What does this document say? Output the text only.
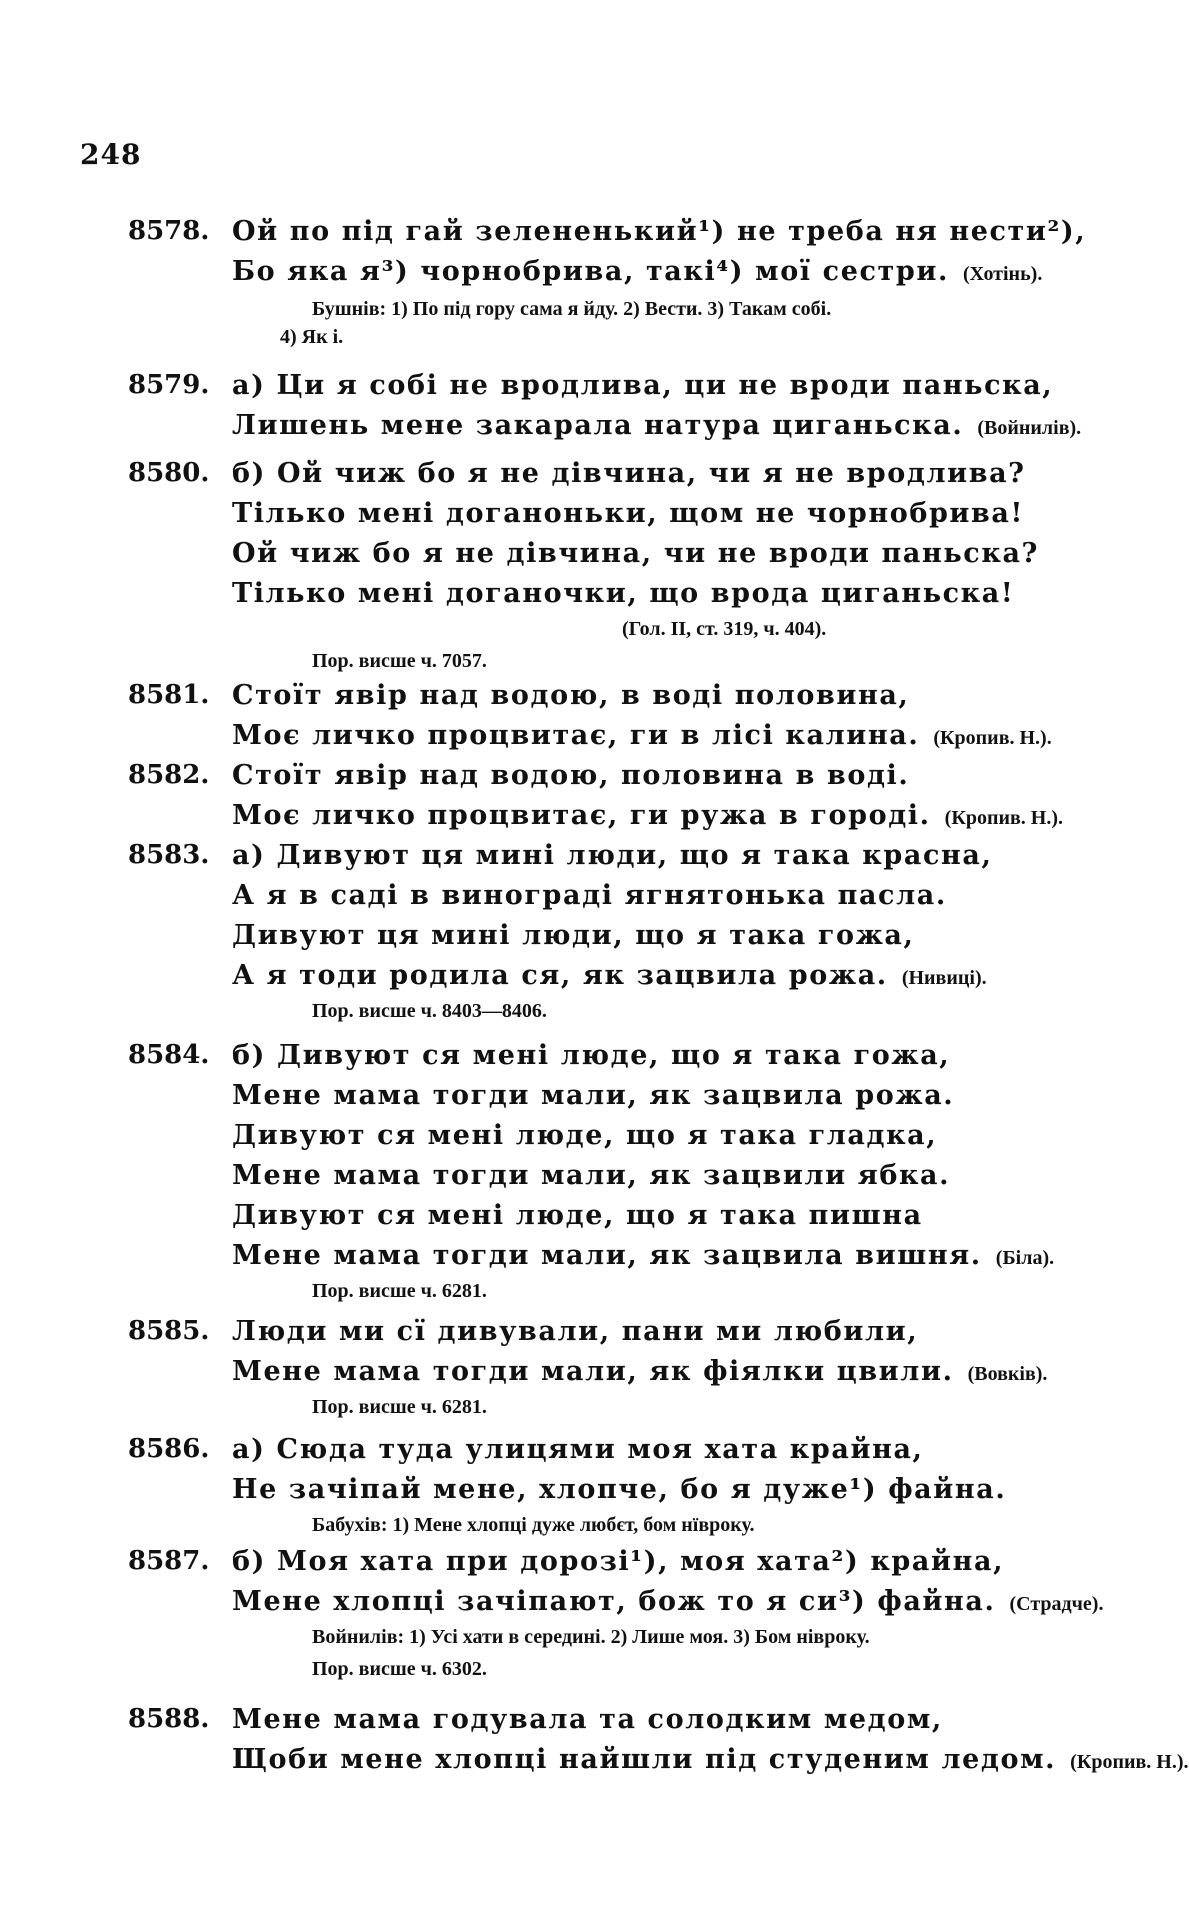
248
8578. Ой по під гай зелененький¹) не треба ня нести²),
Бо яка я³) чорнобрива, такі⁴) мої сестри. (Хотінь).
Бушнів: 1) По під гору сама я йду. 2) Вести. 3) Такам собі.
4) Як і.
8579. а) Ци я собі не вродлива, ци не вроди паньска,
Лишень мене закарала натура циганьска. (Войнилів).
8580. б) Ой чиж бо я не дівчина, чи я не вродлива?
Тілько мені доганоньки, щом не чорнобрива!
Ой чиж бо я не дівчина, чи не вроди паньска?
Тілько мені доганочки, що врода циганьска!
(Гол. II, ст. 319, ч. 404).
Пор. висше ч. 7057.
8581. Стоїт явір над водою, в воді половина,
Моє личко процвитає, ги в лісі калина. (Кропив. Н.).
8582. Стоїт явір над водою, половина в воді.
Моє личко процвитає, ги ружа в городі. (Кропив. Н.).
8583. а) Дивуют ця мині люди, що я така красна,
А я в саді в винограді ягнятонька пасла.
Дивуют ця мині люди, що я така гожа,
А я тоди родила ся, як зацвила рожа. (Нивиці).
Пор. висше ч. 8403—8406.
8584. б) Дивуют ся мені люде, що я така гожа,
Мене мама тогди мали, як зацвила рожа.
Дивуют ся мені люде, що я така гладка,
Мене мама тогди мали, як зацвили ябка.
Дивуют ся мені люде, що я така пишна
Мене мама тогди мали, як зацвила вишня. (Біла).
Пор. висше ч. 6281.
8585. Люди ми сї дивували, пани ми любили,
Мене мама тогди мали, як фіялки цвили. (Вовків).
Пор. висше ч. 6281.
8586. а) Сюда туда улицями моя хата крайна,
Не зачіпай мене, хлопче, бо я дуже¹) файна.
Бабухів: 1) Мене хлопці дуже любєт, бом нївроку.
8587. б) Моя хата при дорозі¹), моя хата²) крайна,
Мене хлопці зачіпают, бож то я си³) файна. (Страдче).
Войнилів: 1) Усі хати в середині. 2) Лише моя. 3) Бом нівроку.
Пор. висше ч. 6302.
8588. Мене мама годувала та солодким медом,
Щоби мене хлопці найшли під студеним ледом. (Кропив. Н.).
